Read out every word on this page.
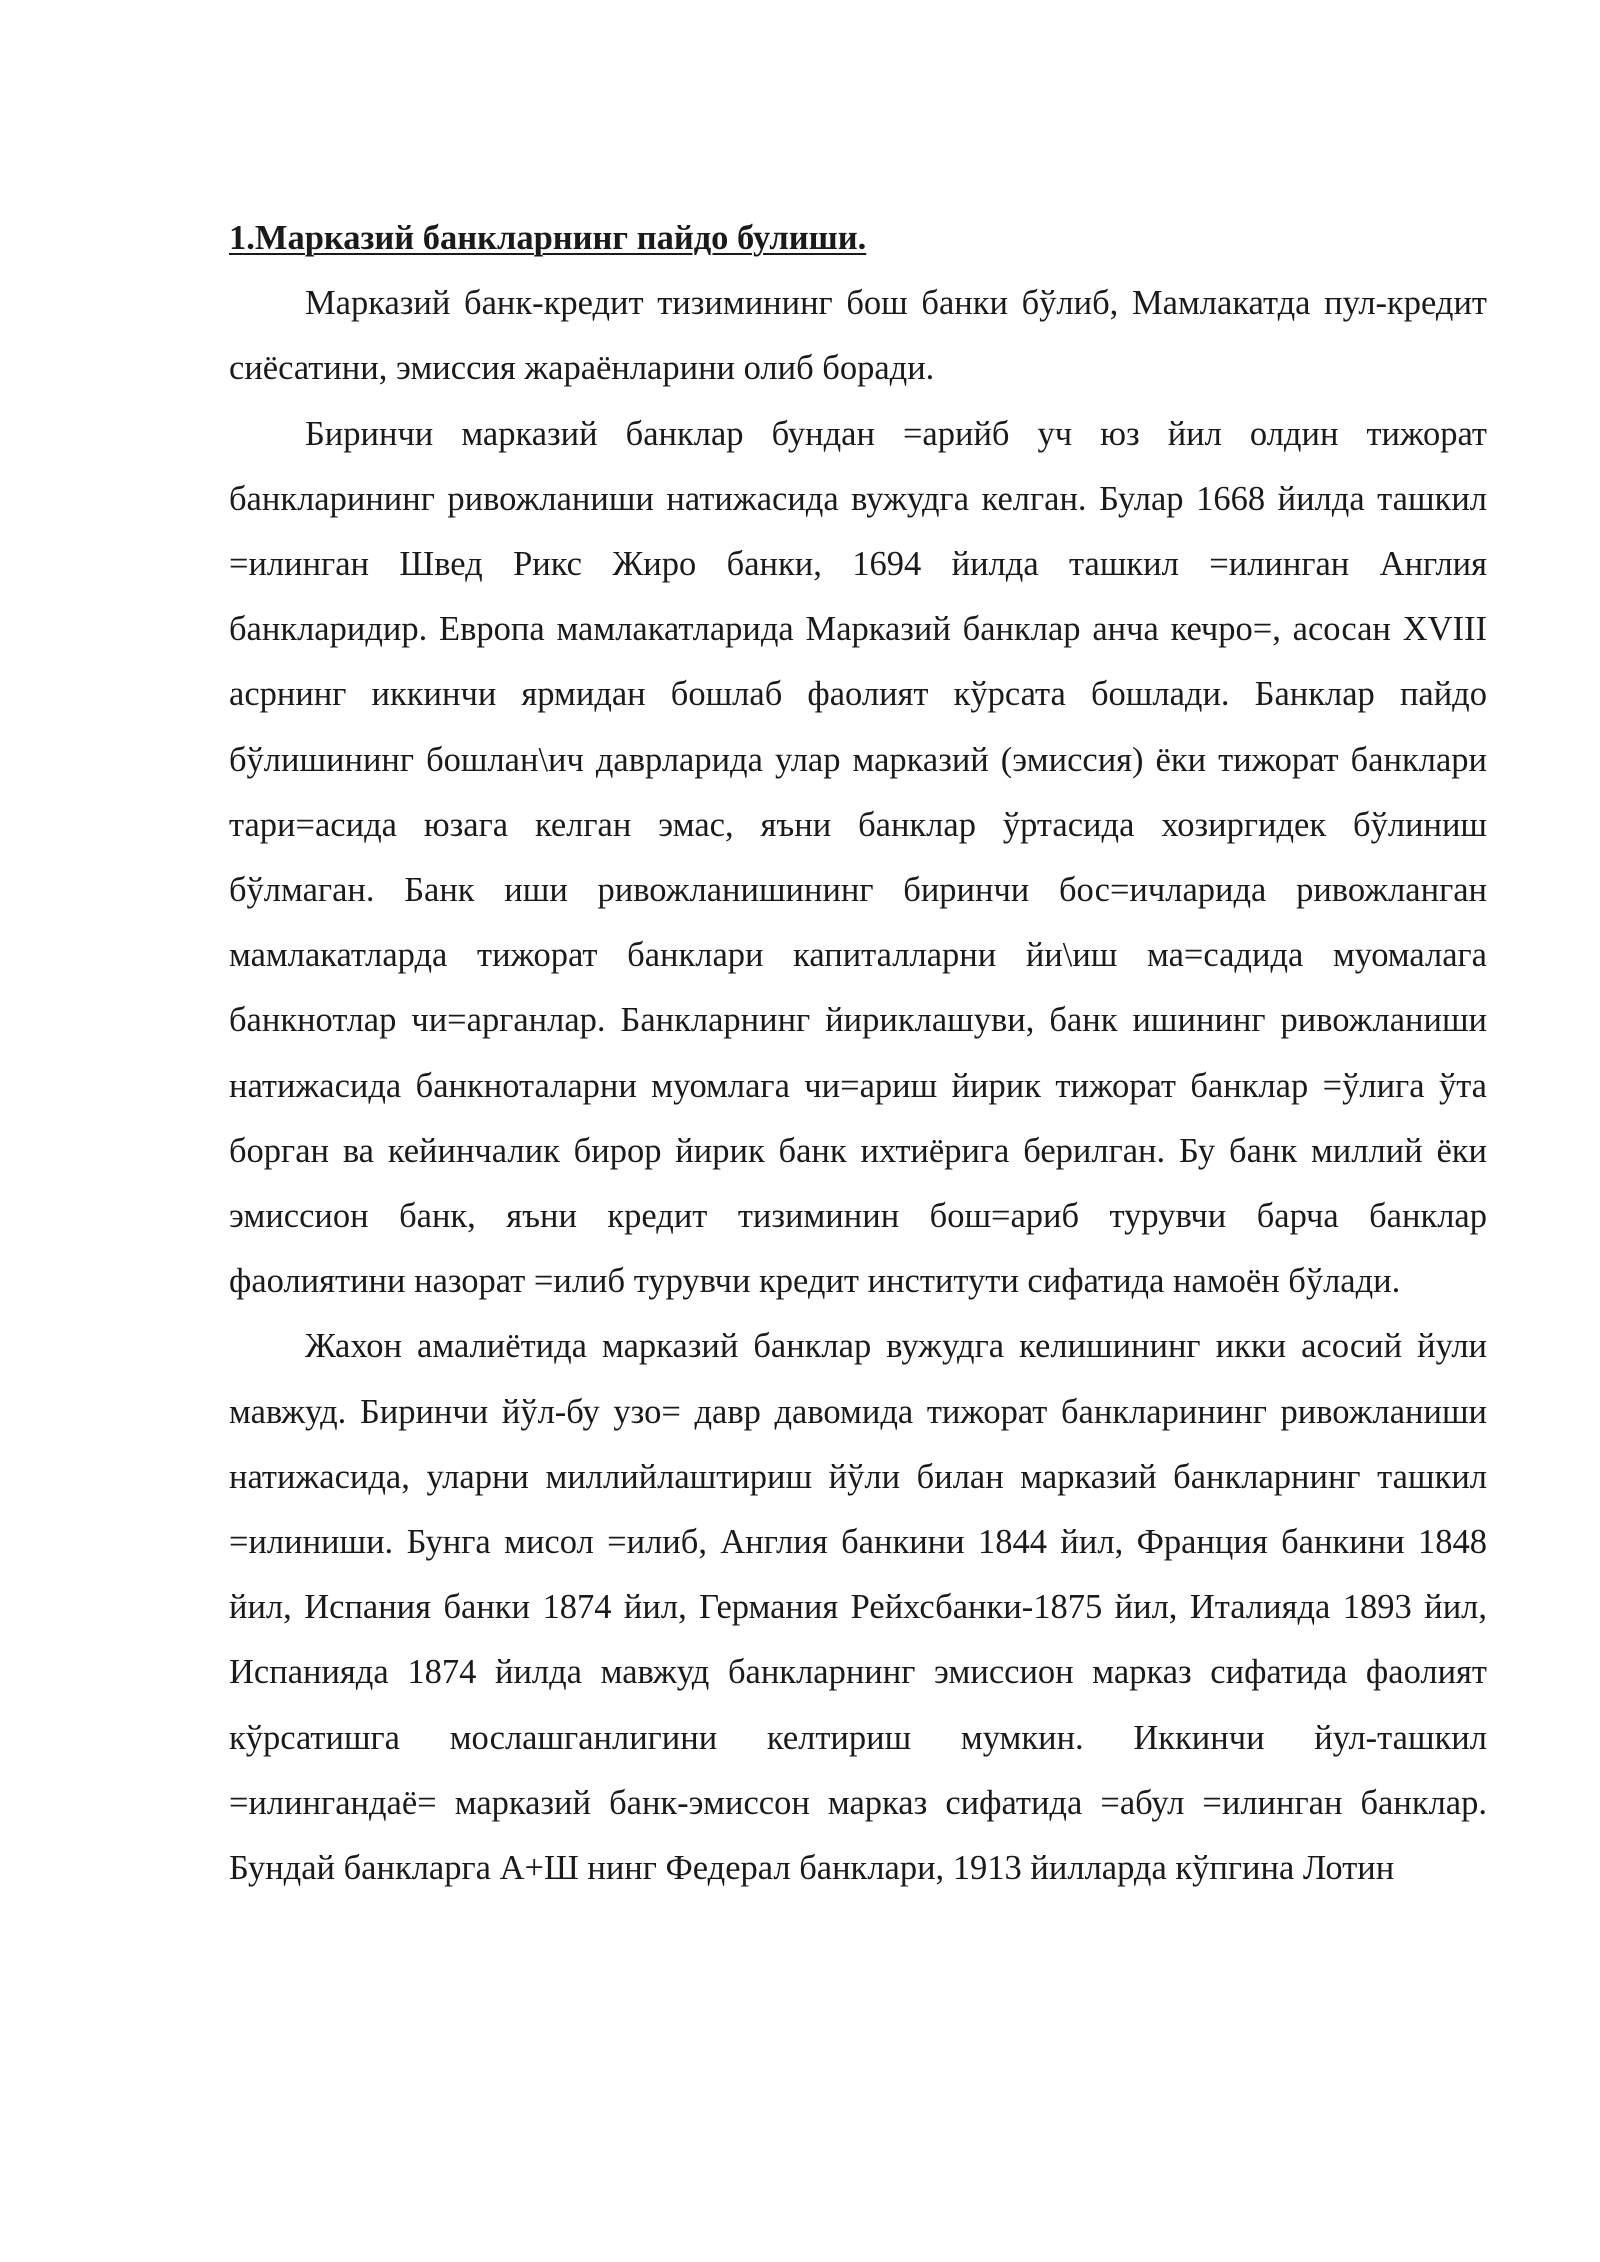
1.Марказий банкларнинг пайдо булиши.

Марказий банк-кредит тизимининг бош банки бўлиб, Мамлакатда пул-кредит сиёсатини, эмиссия жараёнларини олиб боради.

Биринчи марказий банклар бундан =арийб уч юз йил олдин тижорат банкларининг ривожланиши натижасида вужудга келган. Булар 1668 йилда ташкил =илинган Швед Рикс Жиро банки, 1694 йилда ташкил =илинган Англия банкларидир. Европа мамлакатларида Марказий банклар анча кечро=, асосан XVIII асрнинг иккинчи ярмидан бошлаб фаолият кўрсата бошлади. Банклар пайдо бўлишининг бошлан\ич даврларида улар марказий (эмиссия) ёки тижорат банклари тари=асида юзага келган эмас, яъни банклар ўртасида хозиргидек бўлиниш бўлмаган. Банк иши ривожланишининг биринчи бос=ичларида ривожланган мамлакатларда тижорат банклари капиталларни йи\иш ма=садида муомалага банкнотлар чи=арганлар. Банкларнинг йириклашуви, банк ишининг ривожланиши натижасида банкноталарни муомлага чи=ариш йирик тижорат банклар =ўлига ўта борган ва кейинчалик бирор йирик банк ихтиёрига берилган. Бу банк миллий ёки эмиссион банк, яъни кредит тизиминин бош=ариб турувчи барча банклар фаолиятини назорат =илиб турувчи кредит институти сифатида намоён бўлади.

Жахон амалиётида марказий банклар вужудга келишининг икки асосий йули мавжуд. Биринчи йўл-бу узо= давр давомида тижорат банкларининг ривожланиши натижасида, уларни миллийлаштириш йўли билан марказий банкларнинг ташкил =илиниши. Бунга мисол =илиб, Англия банкини 1844 йил, Франция банкини 1848 йил, Испания банки 1874 йил, Германия Рейхсбанки-1875 йил, Италияда 1893 йил, Испанияда 1874 йилда мавжуд банкларнинг эмиссион марказ сифатида фаолият кўрсатишга мослашганлигини келтириш мумкин. Иккинчи йул-ташкил =илингандаё= марказий банк-эмиссон марказ сифатида =абул =илинган банклар. Бундай банкларга А+Ш нинг Федерал банклари, 1913 йилларда кўпгина Лотин
